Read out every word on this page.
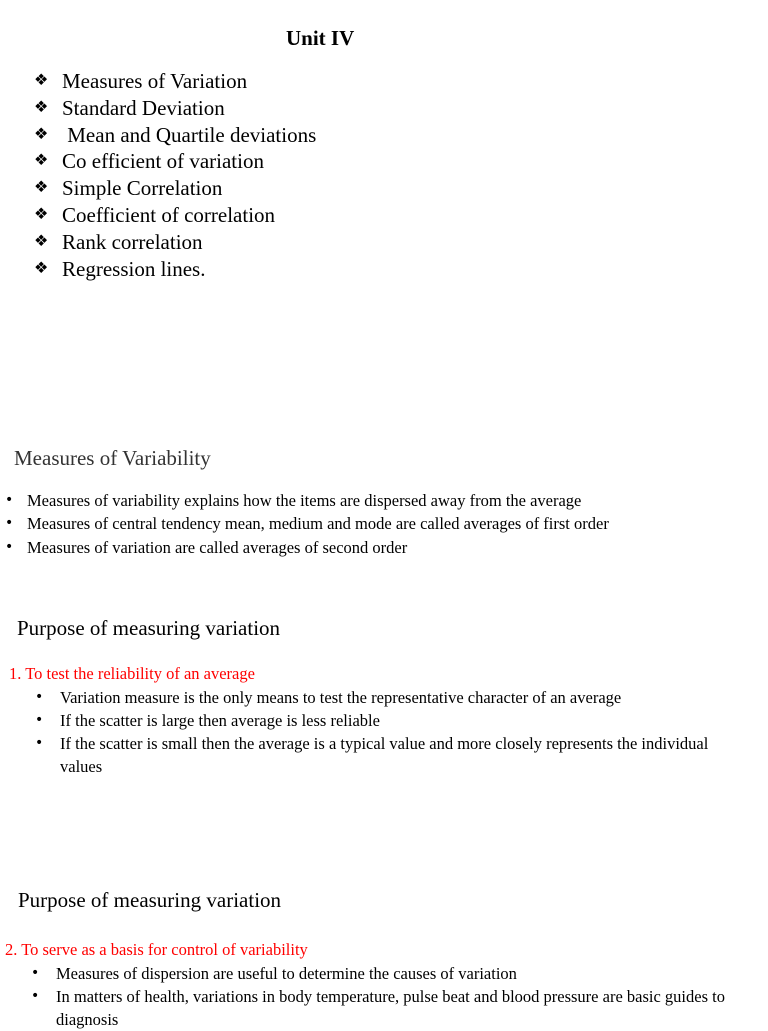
Unit IV
❖ Measures of Variation
❖ Standard Deviation
❖ Mean and Quartile deviations
❖ Co efficient of variation
❖ Simple Correlation
❖ Coefficient of correlation
❖ Rank correlation
❖ Regression lines.
Measures of Variability
• Measures of variability explains how the items are dispersed away from the average
• Measures of central tendency mean, medium and mode are called averages of first order
• Measures of variation are called averages of second order
Purpose of measuring variation
1. To test the reliability of an average
•	Variation measure is the only means to test the representative character of an average
•	If the scatter is large then average is less reliable
•	If the scatter is small then the average is a typical value and more closely represents the individual values
Purpose of measuring variation
2. To serve as a basis for control of variability
•	Measures of dispersion are useful to determine the causes of variation
•	In matters of health, variations in body temperature, pulse beat and blood pressure are basic guides to diagnosis
